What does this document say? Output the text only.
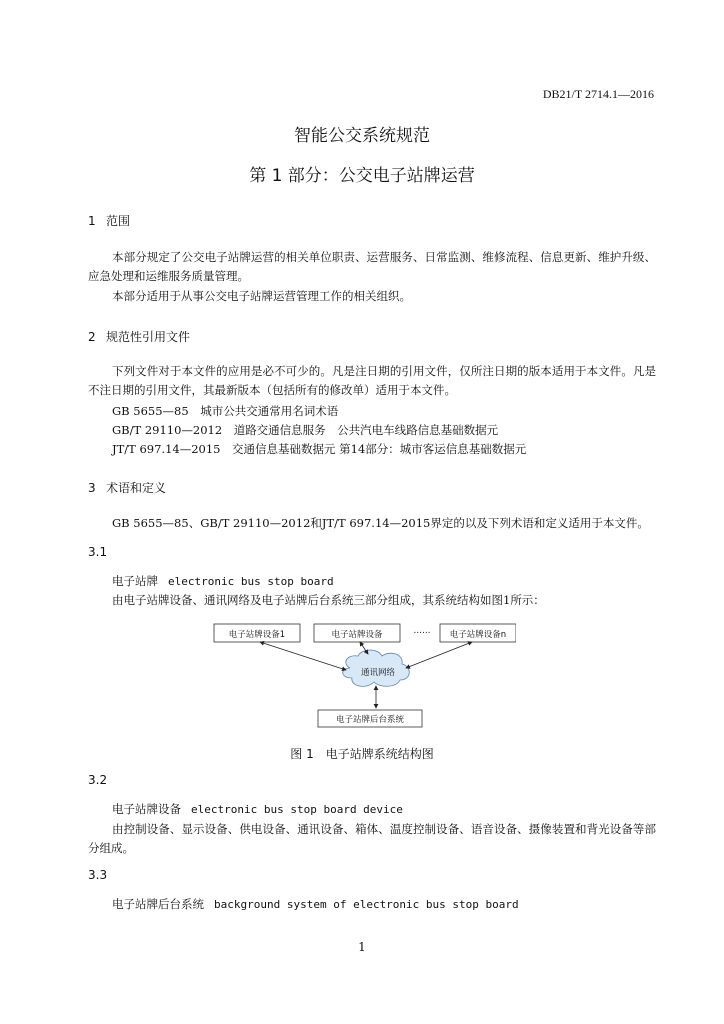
DB21/T 2714.1—2016
智能公交系统规范
第 1 部分：公交电子站牌运营
1 范围
本部分规定了公交电子站牌运营的相关单位职责、运营服务、日常监测、维修流程、信息更新、维护升级、应急处理和运维服务质量管理。
本部分适用于从事公交电子站牌运营管理工作的相关组织。
2 规范性引用文件
下列文件对于本文件的应用是必不可少的。凡是注日期的引用文件，仅所注日期的版本适用于本文件。凡是不注日期的引用文件，其最新版本（包括所有的修改单）适用于本文件。
GB 5655—85　城市公共交通常用名词术语
GB/T 29110—2012　道路交通信息服务　公共汽电车线路信息基础数据元
JT/T 697.14—2015　交通信息基础数据元 第14部分：城市客运信息基础数据元
3 术语和定义
GB 5655—85、GB/T 29110—2012和JT/T 697.14—2015界定的以及下列术语和定义适用于本文件。
3.1
电子站牌 electronic bus stop board
由电子站牌设备、通讯网络及电子站牌后台系统三部分组成，其系统结构如图1所示：
电子站牌设备1	电子站牌设备	……	电子站牌设备n
通讯网络
电子站牌后台系统
图 1　电子站牌系统结构图
3.2
电子站牌设备 electronic bus stop board device
由控制设备、显示设备、供电设备、通讯设备、箱体、温度控制设备、语音设备、摄像装置和背光设备等部分组成。
3.3
电子站牌后台系统 background system of electronic bus stop board
1
